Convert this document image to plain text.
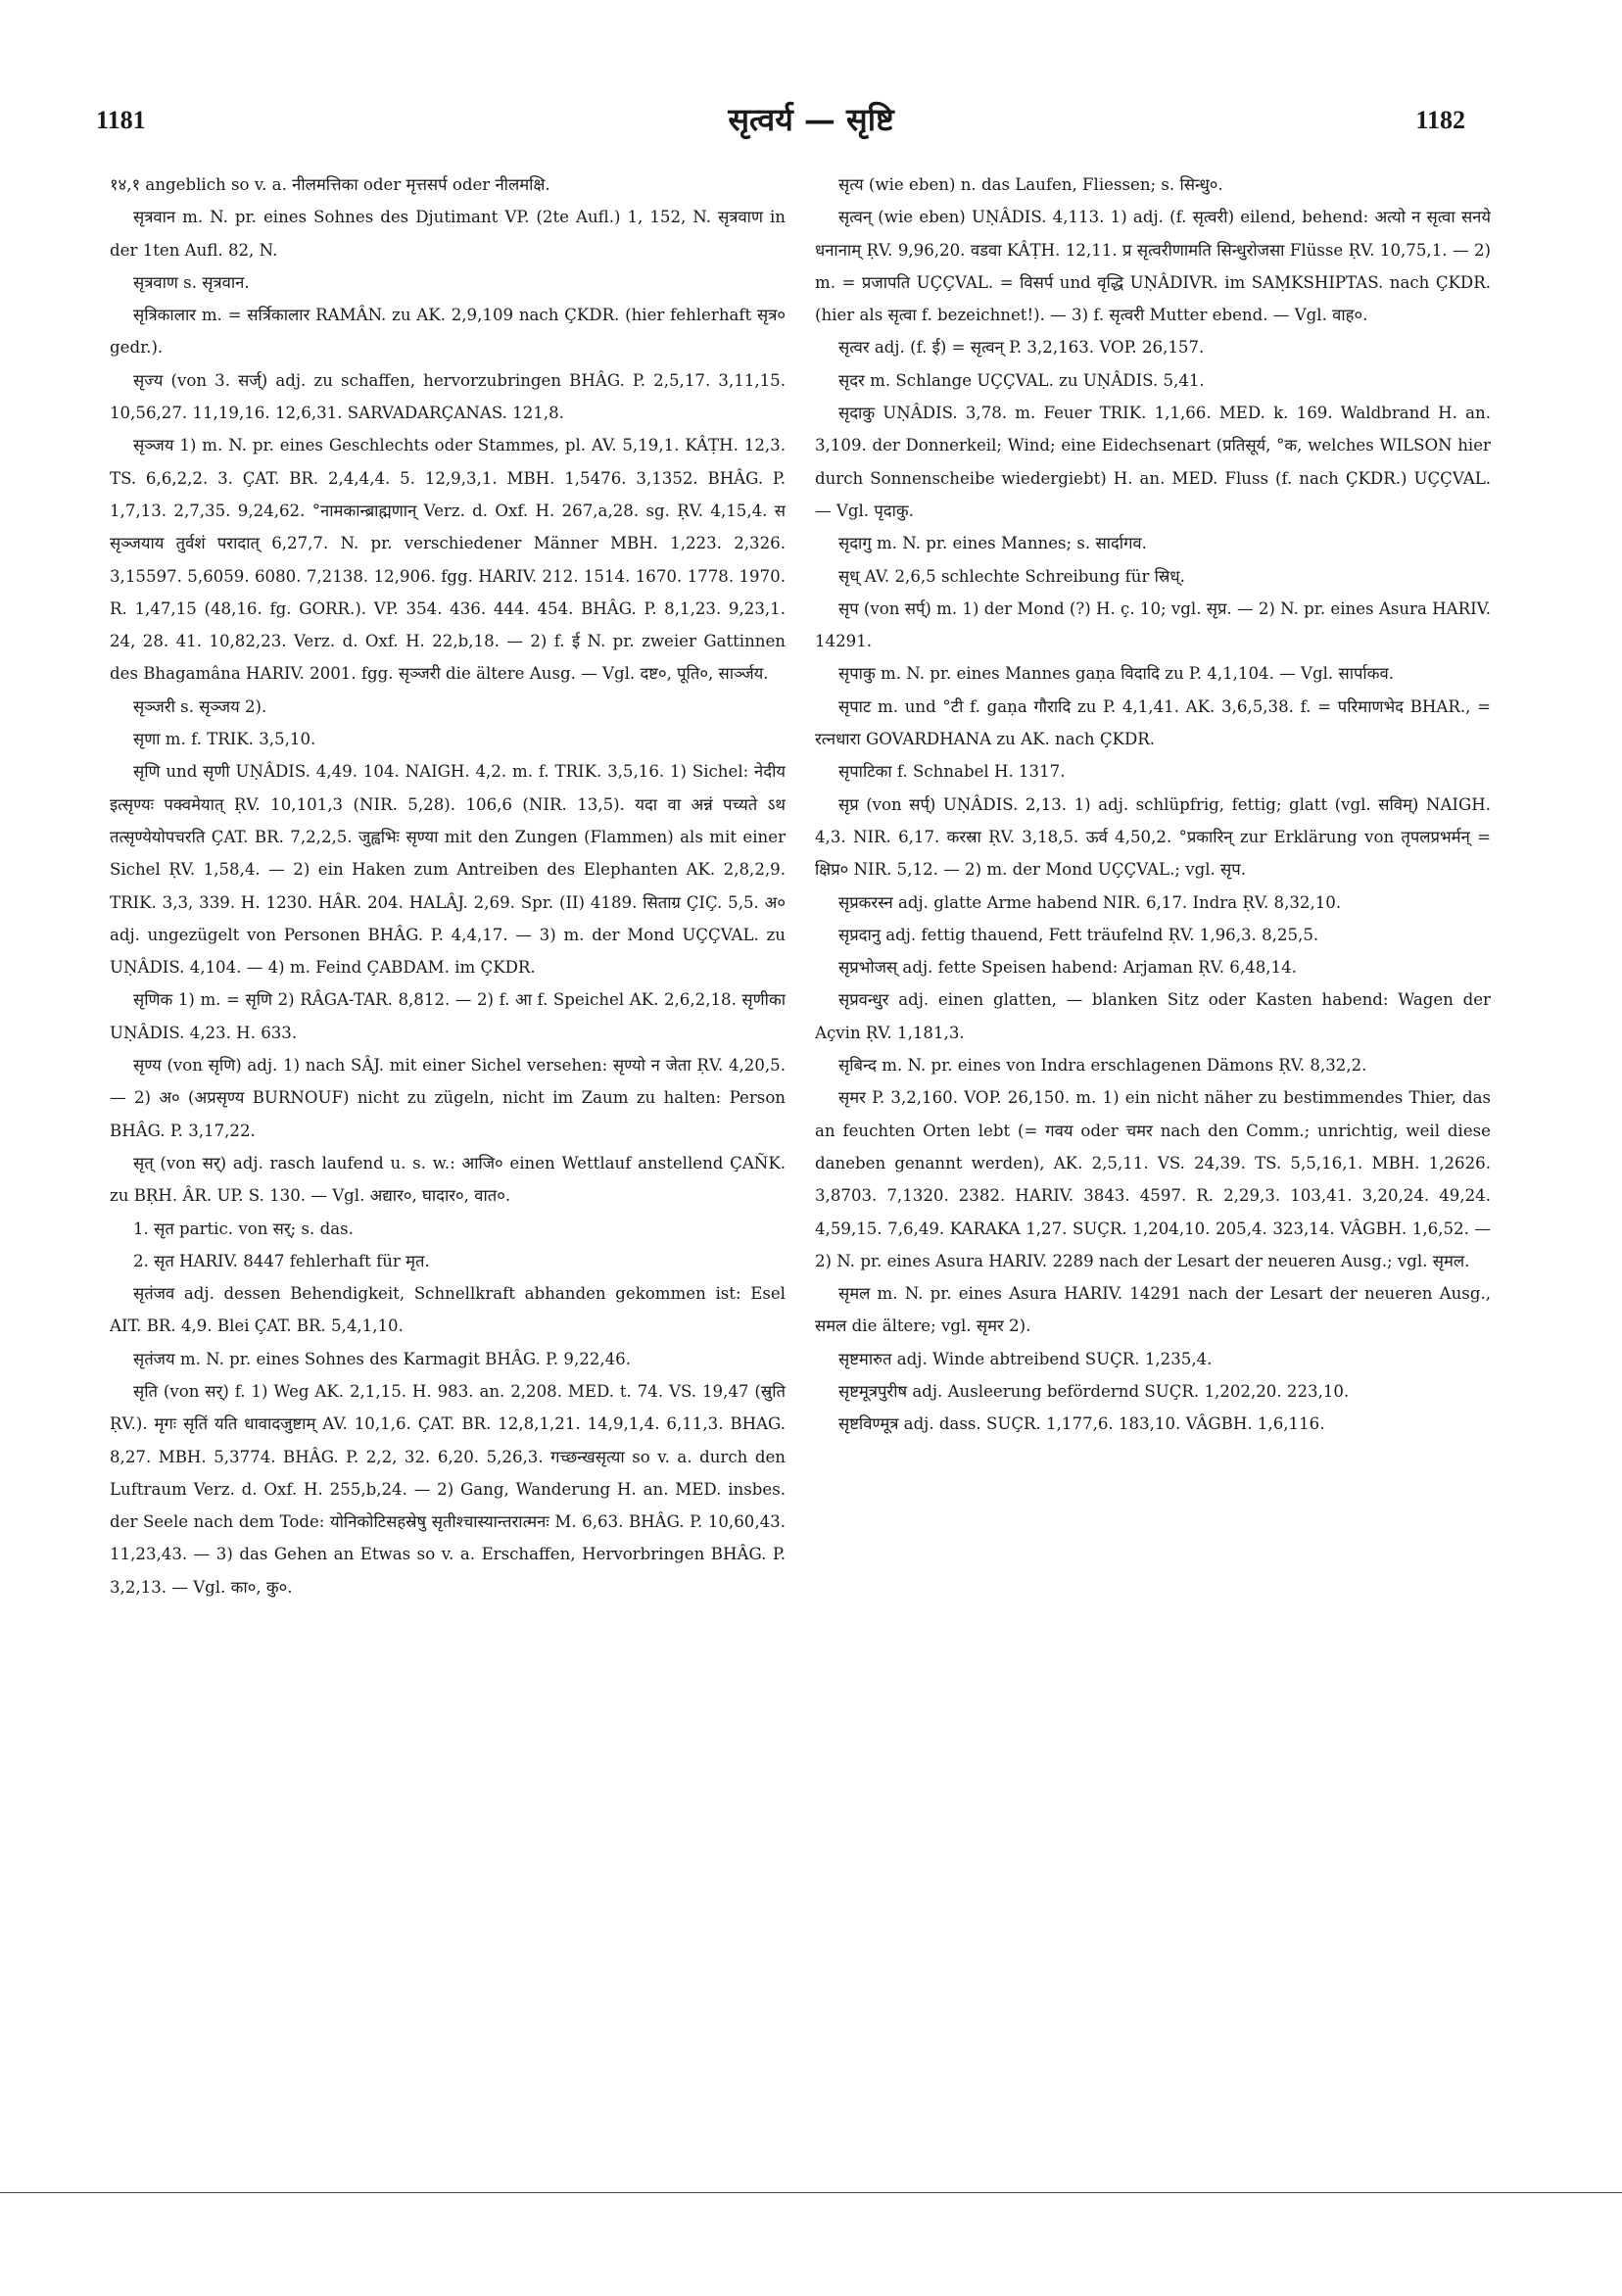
1181	सृत्वर्य — सृष्टि	1182

१४,१ angeblich so v. a. नीलमत्तिका oder मृत्तसर्प oder नीलमक्षि.

सृत्रवान m. N. pr. eines Sohnes des Djutimant VP. (2te Aufl.) 1, 152, N. सृत्रवाण in der 1ten Aufl. 82, N.

सृत्रवाण s. सृत्रवान.

सृत्रिकालार m. = सर्त्रिकालार RAMÂN. zu AK. 2,9,109 nach ÇKDR. (hier fehlerhaft सृत्र० gedr.).

सृज्य (von 3. सर्ज्) adj. zu schaffen, hervorzubringen BHÂG. P. 2,5,17. 3,11,15. 10,56,27. 11,19,16. 12,6,31. SARVADARÇANAS. 121,8.

सृञ्जय 1) m. N. pr. eines Geschlechts oder Stammes, pl. AV. 5,19,1. KÂṬH. 12,3. TS. 6,6,2,2. 3. ÇAT. BR. 2,4,4,4. 5. 12,9,3,1. MBH. 1,5476. 3,1352. BHÂG. P. 1,7,13. 2,7,35. 9,24,62. °नामकान्ब्राह्मणान् Verz. d. Oxf. H. 267,a,28. sg. ṚV. 4,15,4. स सृञ्जयाय तुर्वशं परादात् 6,27,7. N. pr. verschiedener Männer MBH. 1,223. 2,326. 3,15597. 5,6059. 6080. 7,2138. 12,906. fgg. HARIV. 212. 1514. 1670. 1778. 1970. R. 1,47,15 (48,16. fg. GORR.). VP. 354. 436. 444. 454. BHÂG. P. 8,1,23. 9,23,1. 24, 28. 41. 10,82,23. Verz. d. Oxf. H. 22,b,18. — 2) f. ई N. pr. zweier Gattinnen des Bhagamâna HARIV. 2001. fgg. सृञ्जरी die ältere Ausg. — Vgl. दष्ट०, पूति०, सार्ञ्जय.

सृञ्जरी s. सृञ्जय 2).

सृणा m. f. TRIK. 3,5,10.

सृणि und सृणी UṆÂDIS. 4,49. 104. NAIGH. 4,2. m. f. TRIK. 3,5,16. 1) Sichel: नेदीय इत्सृण्यः पक्वमेयात् ṚV. 10,101,3 (NIR. 5,28). 106,6 (NIR. 13,5). यदा वा अन्नं पच्यते ऽथ तत्सृण्येयोपचरति ÇAT. BR. 7,2,2,5. जुह्वभिः सृण्या mit den Zungen (Flammen) als mit einer Sichel ṚV. 1,58,4. — 2) ein Haken zum Antreiben des Elephanten AK. 2,8,2,9. TRIK. 3,3, 339. H. 1230. HÂR. 204. HALÂJ. 2,69. Spr. (II) 4189. सिताग्र ÇIÇ. 5,5. अ० adj. ungezügelt von Personen BHÂG. P. 4,4,17. — 3) m. der Mond UÇÇVAL. zu UṆÂDIS. 4,104. — 4) m. Feind ÇABDAM. im ÇKDR.

सृणिक 1) m. = सृणि 2) RÂGA-TAR. 8,812. — 2) f. आ f. Speichel AK. 2,6,2,18. सृणीका UṆÂDIS. 4,23. H. 633.

सृण्य (von सृणि) adj. 1) nach SÂJ. mit einer Sichel versehen: सृण्यो न जेता ṚV. 4,20,5. — 2) अ० (अप्रसृण्य BURNOUF) nicht zu zügeln, nicht im Zaum zu halten: Person BHÂG. P. 3,17,22.

सृत् (von सर्) adj. rasch laufend u. s. w.: आजि० einen Wettlauf anstellend ÇAÑK. zu BṚH. ÂR. UP. S. 130. — Vgl. अद्यार०, घादार०, वात०.

1. सृत partic. von सर्; s. das.

2. सृत HARIV. 8447 fehlerhaft für मृत.

सृतंजव adj. dessen Behendigkeit, Schnellkraft abhanden gekommen ist: Esel AIT. BR. 4,9. Blei ÇAT. BR. 5,4,1,10.

सृतंजय m. N. pr. eines Sohnes des Karmagit BHÂG. P. 9,22,46.

सृति (von सर्) f. 1) Weg AK. 2,1,15. H. 983. an. 2,208. MED. t. 74. VS. 19,47 (स्रुति ṚV.). मृगः सृतिं यति धावादजुष्टाम् AV. 10,1,6. ÇAT. BR. 12,8,1,21. 14,9,1,4. 6,11,3. BHAG. 8,27. MBH. 5,3774. BHÂG. P. 2,2, 32. 6,20. 5,26,3. गच्छन्खसृत्या so v. a. durch den Luftraum Verz. d. Oxf. H. 255,b,24. — 2) Gang, Wanderung H. an. MED. insbes. der Seele nach dem Tode: योनिकोटिसहस्रेषु सृतीश्चास्यान्तरात्मनः M. 6,63. BHÂG. P. 10,60,43. 11,23,43. — 3) das Gehen an Etwas so v. a. Erschaffen, Hervorbringen BHÂG. P. 3,2,13. — Vgl. का०, कु०.

सृत्य (wie eben) n. das Laufen, Fliessen; s. सिन्धु०.

सृत्वन् (wie eben) UṆÂDIS. 4,113. 1) adj. (f. सृत्वरी) eilend, behend: अत्यो न सृत्वा सनये धनानाम् ṚV. 9,96,20. वडवा KÂṬH. 12,11. प्र सृत्वरीणामति सिन्धुरोजसा Flüsse ṚV. 10,75,1. — 2) m. = प्रजापति UÇÇVAL. = विसर्प und वृद्धि UṆÂDIVR. im SAṂKSHIPTAS. nach ÇKDR. (hier als सृत्वा f. bezeichnet!). — 3) f. सृत्वरी Mutter ebend. — Vgl. वाह०.

सृत्वर adj. (f. ई) = सृत्वन् P. 3,2,163. VOP. 26,157.

सृदर m. Schlange UÇÇVAL. zu UṆÂDIS. 5,41.

सृदाकु UṆÂDIS. 3,78. m. Feuer TRIK. 1,1,66. MED. k. 169. Waldbrand H. an. 3,109. der Donnerkeil; Wind; eine Eidechsenart (प्रतिसूर्य, °क, welches WILSON hier durch Sonnenscheibe wiedergiebt) H. an. MED. Fluss (f. nach ÇKDR.) UÇÇVAL. — Vgl. पृदाकु.

सृदागु m. N. pr. eines Mannes; s. सार्दागव.

सृध् AV. 2,6,5 schlechte Schreibung für स्रिध्.

सृप (von सर्प्) m. 1) der Mond (?) H. ç. 10; vgl. सृप्र. — 2) N. pr. eines Asura HARIV. 14291.

सृपाकु m. N. pr. eines Mannes gaṇa विदादि zu P. 4,1,104. — Vgl. सार्पाकव.

सृपाट m. und °टी f. gaṇa गौरादि zu P. 4,1,41. AK. 3,6,5,38. f. = परिमाणभेद BHAR., = रत्नधारा GOVARDHANA zu AK. nach ÇKDR.

सृपाटिका f. Schnabel H. 1317.

सृप्र (von सर्प्) UṆÂDIS. 2,13. 1) adj. schlüpfrig, fettig; glatt (vgl. सविम्) NAIGH. 4,3. NIR. 6,17. करस्रा ṚV. 3,18,5. ऊर्व 4,50,2. °प्रकारिन् zur Erklärung von तृपलप्रभर्मन् = क्षिप्र० NIR. 5,12. — 2) m. der Mond UÇÇVAL.; vgl. सृप.

सृप्रकरस्न adj. glatte Arme habend NIR. 6,17. Indra ṚV. 8,32,10.

सृप्रदानु adj. fettig thauend, Fett träufelnd ṚV. 1,96,3. 8,25,5.

सृप्रभोजस् adj. fette Speisen habend: Arjaman ṚV. 6,48,14.

सृप्रवन्धुर adj. einen glatten, — blanken Sitz oder Kasten habend: Wagen der Açvin ṚV. 1,181,3.

सृबिन्द m. N. pr. eines von Indra erschlagenen Dämons ṚV. 8,32,2.

सृमर P. 3,2,160. VOP. 26,150. m. 1) ein nicht näher zu bestimmendes Thier, das an feuchten Orten lebt (= गवय oder चमर nach den Comm.; unrichtig, weil diese daneben genannt werden), AK. 2,5,11. VS. 24,39. TS. 5,5,16,1. MBH. 1,2626. 3,8703. 7,1320. 2382. HARIV. 3843. 4597. R. 2,29,3. 103,41. 3,20,24. 49,24. 4,59,15. 7,6,49. KARAKA 1,27. SUÇR. 1,204,10. 205,4. 323,14. VÂGBH. 1,6,52. — 2) N. pr. eines Asura HARIV. 2289 nach der Lesart der neueren Ausg.; vgl. सृमल.

सृमल m. N. pr. eines Asura HARIV. 14291 nach der Lesart der neueren Ausg., समल die ältere; vgl. सृमर 2).

सृष्टमारुत adj. Winde abtreibend SUÇR. 1,235,4.

सृष्टमूत्रपुरीष adj. Ausleerung befördernd SUÇR. 1,202,20. 223,10.

सृष्टविण्मूत्र adj. dass. SUÇR. 1,177,6. 183,10. VÂGBH. 1,6,116.
